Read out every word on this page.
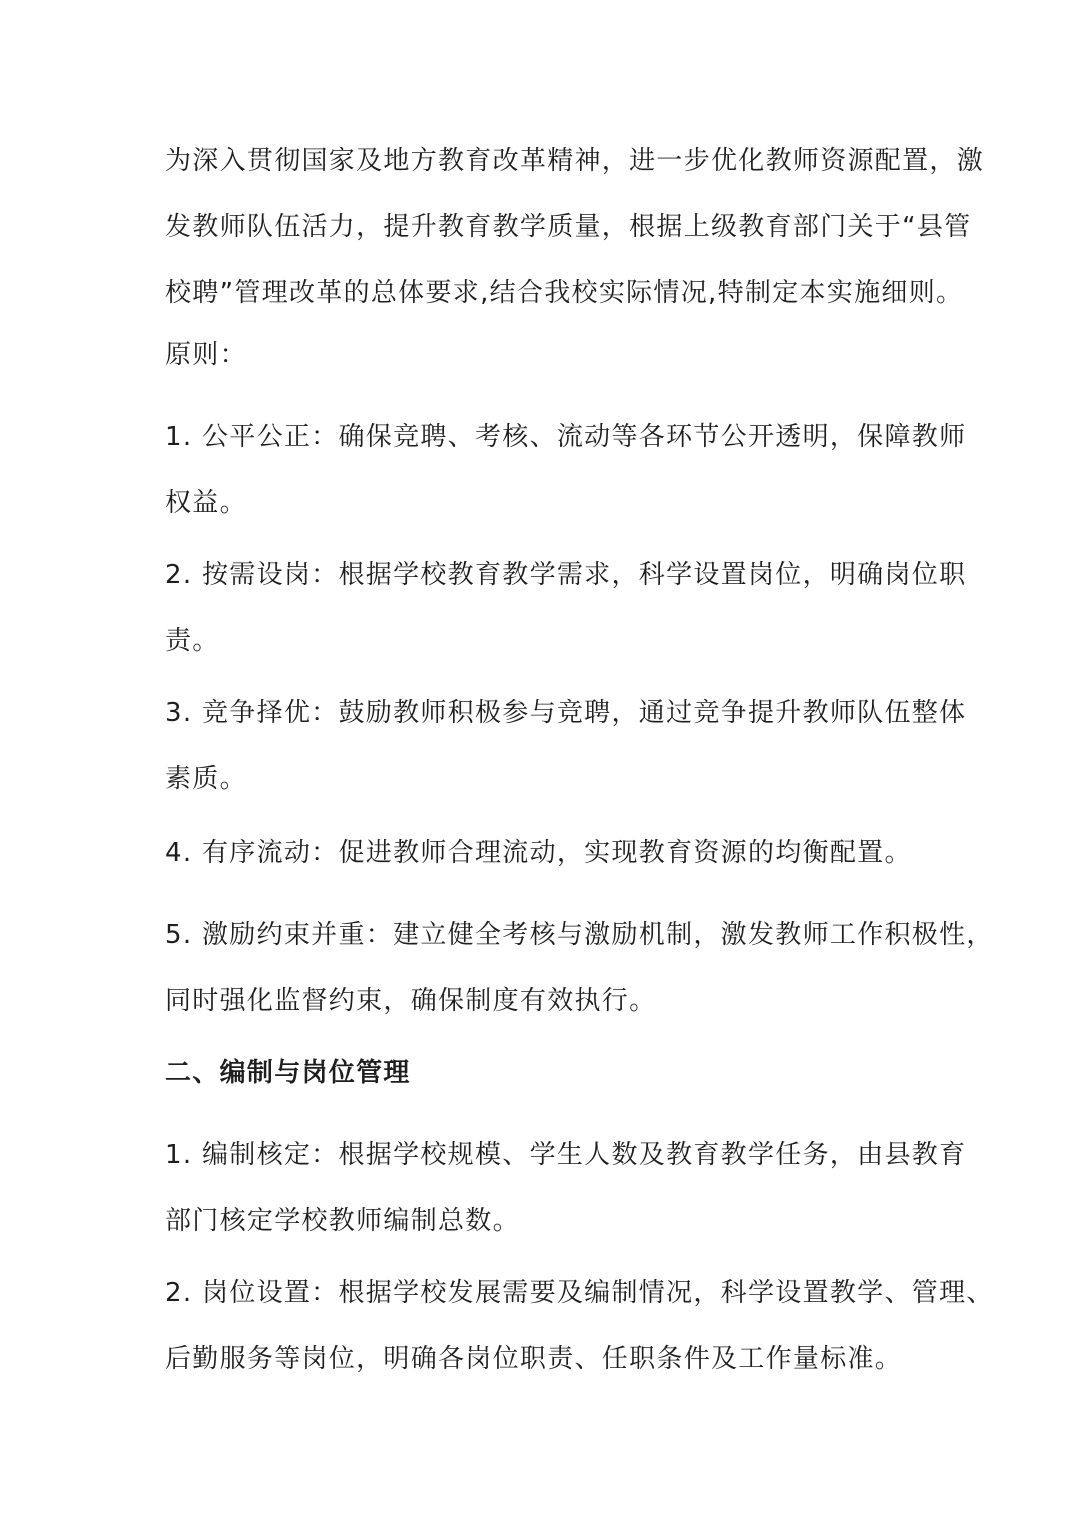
为深入贯彻国家及地方教育改革精神，进一步优化教师资源配置，激
发教师队伍活力，提升教育教学质量，根据上级教育部门关于“县管
校聘”管理改革的总体要求,结合我校实际情况,特制定本实施细则。

原则：

1. 公平公正：确保竞聘、考核、流动等各环节公开透明，保障教师
权益。

2. 按需设岗：根据学校教育教学需求，科学设置岗位，明确岗位职
责。

3. 竞争择优：鼓励教师积极参与竞聘，通过竞争提升教师队伍整体
素质。

4. 有序流动：促进教师合理流动，实现教育资源的均衡配置。

5. 激励约束并重：建立健全考核与激励机制，激发教师工作积极性，
同时强化监督约束，确保制度有效执行。

二、编制与岗位管理

1. 编制核定：根据学校规模、学生人数及教育教学任务，由县教育
部门核定学校教师编制总数。

2. 岗位设置：根据学校发展需要及编制情况，科学设置教学、管理、
后勤服务等岗位，明确各岗位职责、任职条件及工作量标准。
